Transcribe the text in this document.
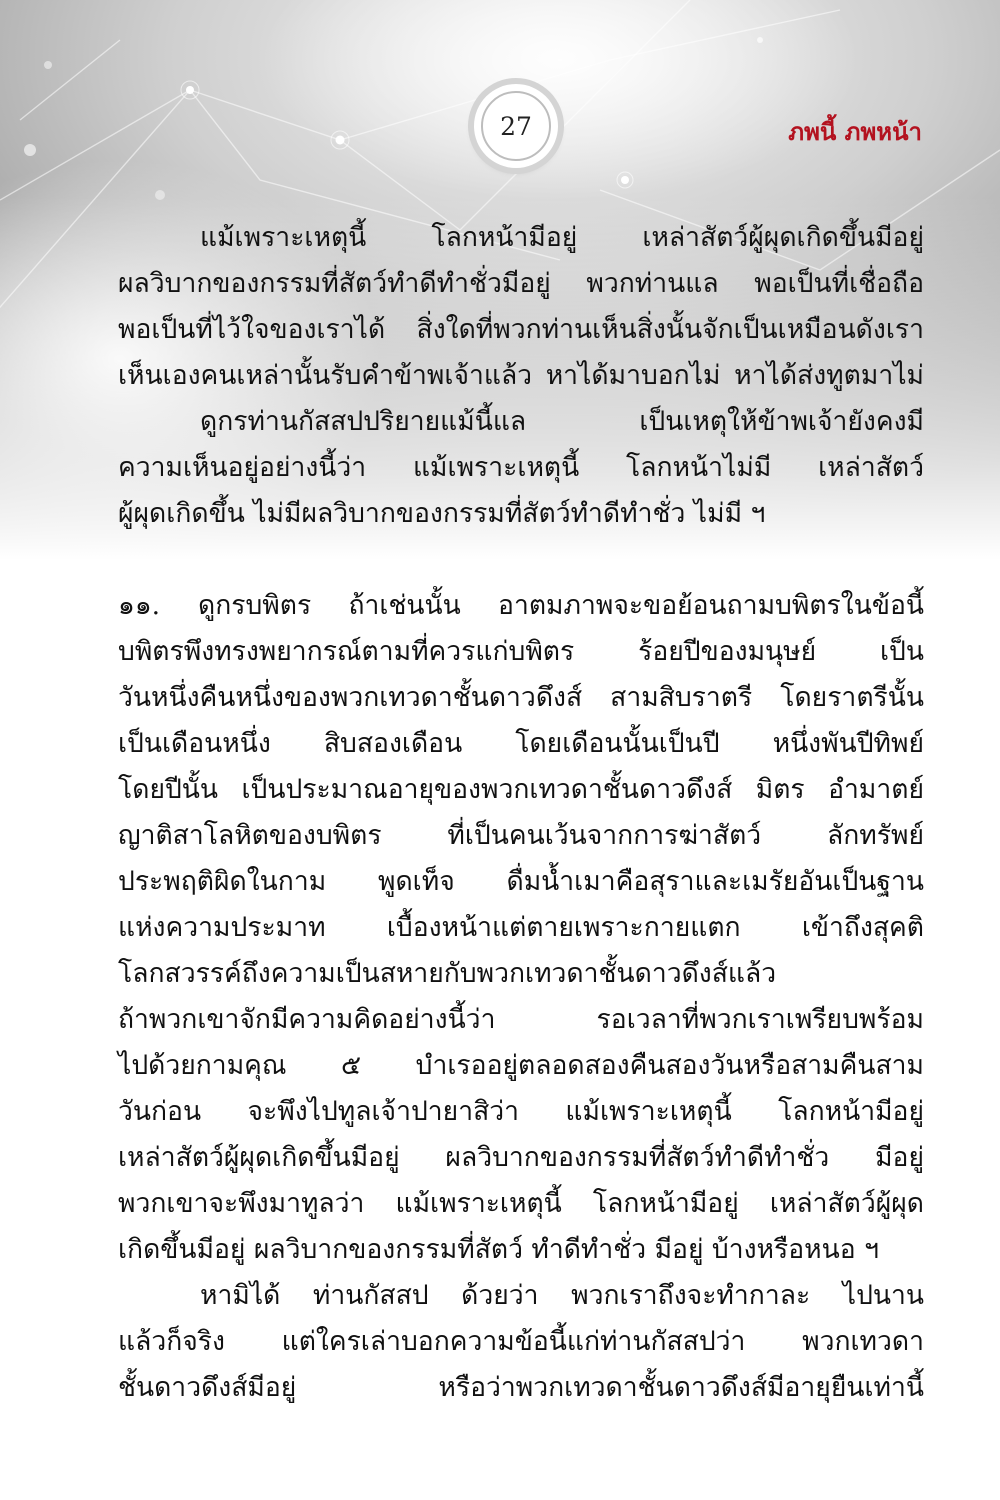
27	ภพนี้ ภพหน้า

แม้เพราะเหตุนี้ โลกหน้ามีอยู่ เหล่าสัตว์ผู้ผุดเกิดขึ้นมีอยู่

ผลวิบากของกรรมที่สัตว์ทำดีทำชั่วมีอยู่ พวกท่านแล พอเป็นที่เชื่อถือ

พอเป็นที่ไว้ใจของเราได้ สิ่งใดที่พวกท่านเห็นสิ่งนั้นจักเป็นเหมือนดังเรา

เห็นเองคนเหล่านั้นรับคำข้าพเจ้าแล้ว หาได้มาบอกไม่ หาได้ส่งทูตมาไม่

ดูกรท่านกัสสปปริยายแม้นี้แล เป็นเหตุให้ข้าพเจ้ายังคงมี

ความเห็นอยู่อย่างนี้ว่า แม้เพราะเหตุนี้ โลกหน้าไม่มี เหล่าสัตว์

ผู้ผุดเกิดขึ้น ไม่มีผลวิบากของกรรมที่สัตว์ทำดีทำชั่ว ไม่มี ฯ

๑๑. ดูกรบพิตร ถ้าเช่นนั้น อาตมภาพจะขอย้อนถามบพิตรในข้อนี้

บพิตรพึงทรงพยากรณ์ตามที่ควรแก่บพิตร ร้อยปีของมนุษย์ เป็น

วันหนึ่งคืนหนึ่งของพวกเทวดาชั้นดาวดึงส์ สามสิบราตรี โดยราตรีนั้น

เป็นเดือนหนึ่ง สิบสองเดือน โดยเดือนนั้นเป็นปี หนึ่งพันปีทิพย์

โดยปีนั้น เป็นประมาณอายุของพวกเทวดาชั้นดาวดึงส์ มิตร อำมาตย์

ญาติสาโลหิตของบพิตร ที่เป็นคนเว้นจากการฆ่าสัตว์ ลักทรัพย์

ประพฤติผิดในกาม พูดเท็จ ดื่มน้ำเมาคือสุราและเมรัยอันเป็นฐาน

แห่งความประมาท เบื้องหน้าแต่ตายเพราะกายแตก เข้าถึงสุคติ

โลกสวรรค์ถึงความเป็นสหายกับพวกเทวดาชั้นดาวดึงส์แล้ว

ถ้าพวกเขาจักมีความคิดอย่างนี้ว่า รอเวลาที่พวกเราเพรียบพร้อม

ไปด้วยกามคุณ ๕ บำเรออยู่ตลอดสองคืนสองวันหรือสามคืนสาม

วันก่อน จะพึงไปทูลเจ้าปายาสิว่า แม้เพราะเหตุนี้ โลกหน้ามีอยู่

เหล่าสัตว์ผู้ผุดเกิดขึ้นมีอยู่ ผลวิบากของกรรมที่สัตว์ทำดีทำชั่ว มีอยู่

พวกเขาจะพึงมาทูลว่า แม้เพราะเหตุนี้ โลกหน้ามีอยู่ เหล่าสัตว์ผู้ผุด

เกิดขึ้นมีอยู่ ผลวิบากของกรรมที่สัตว์ ทำดีทำชั่ว มีอยู่ บ้างหรือหนอ ฯ

หามิได้ ท่านกัสสป ด้วยว่า พวกเราถึงจะทำกาละ ไปนาน

แล้วก็จริง แต่ใครเล่าบอกความข้อนี้แก่ท่านกัสสปว่า พวกเทวดา

ชั้นดาวดึงส์มีอยู่ หรือว่าพวกเทวดาชั้นดาวดึงส์มีอายุยืนเท่านี้
